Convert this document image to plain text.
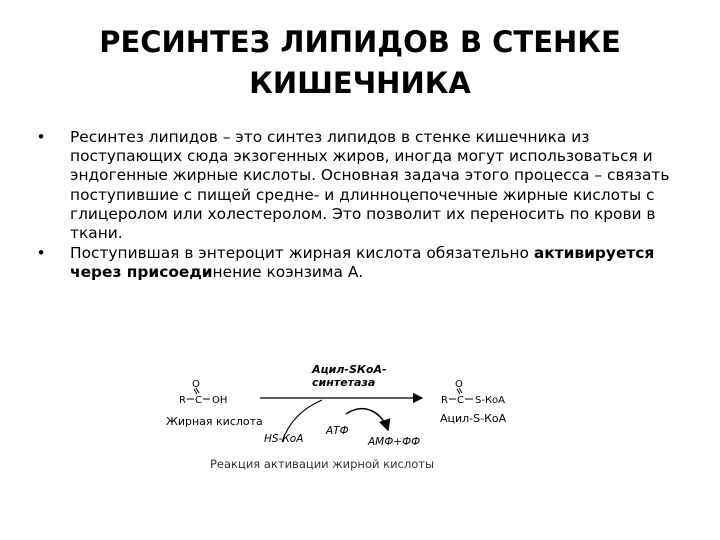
РЕСИНТЕЗ ЛИПИДОВ В СТЕНКЕ
КИШЕЧНИКА
• Ресинтез липидов – это синтез липидов в стенке кишечника из поступающих сюда экзогенных жиров, иногда могут использоваться и эндогенные жирные кислоты. Основная задача этого процесса – связать поступившие с пищей средне- и длинноцепочечные жирные кислоты с глицеролом или холестеролом. Это позволит их переносить по крови в ткани.
• Поступившая в энтероцит жирная кислота обязательно активируется через присоединение коэнзима А.
O
R C OH
Жирная кислота
Ацил-SКоА-
синтетаза
HS-КоА
АТФ
АМФ+ФФ
O
R C S-КоА
Ацил-S-КоА
Реакция активации жирной кислоты
